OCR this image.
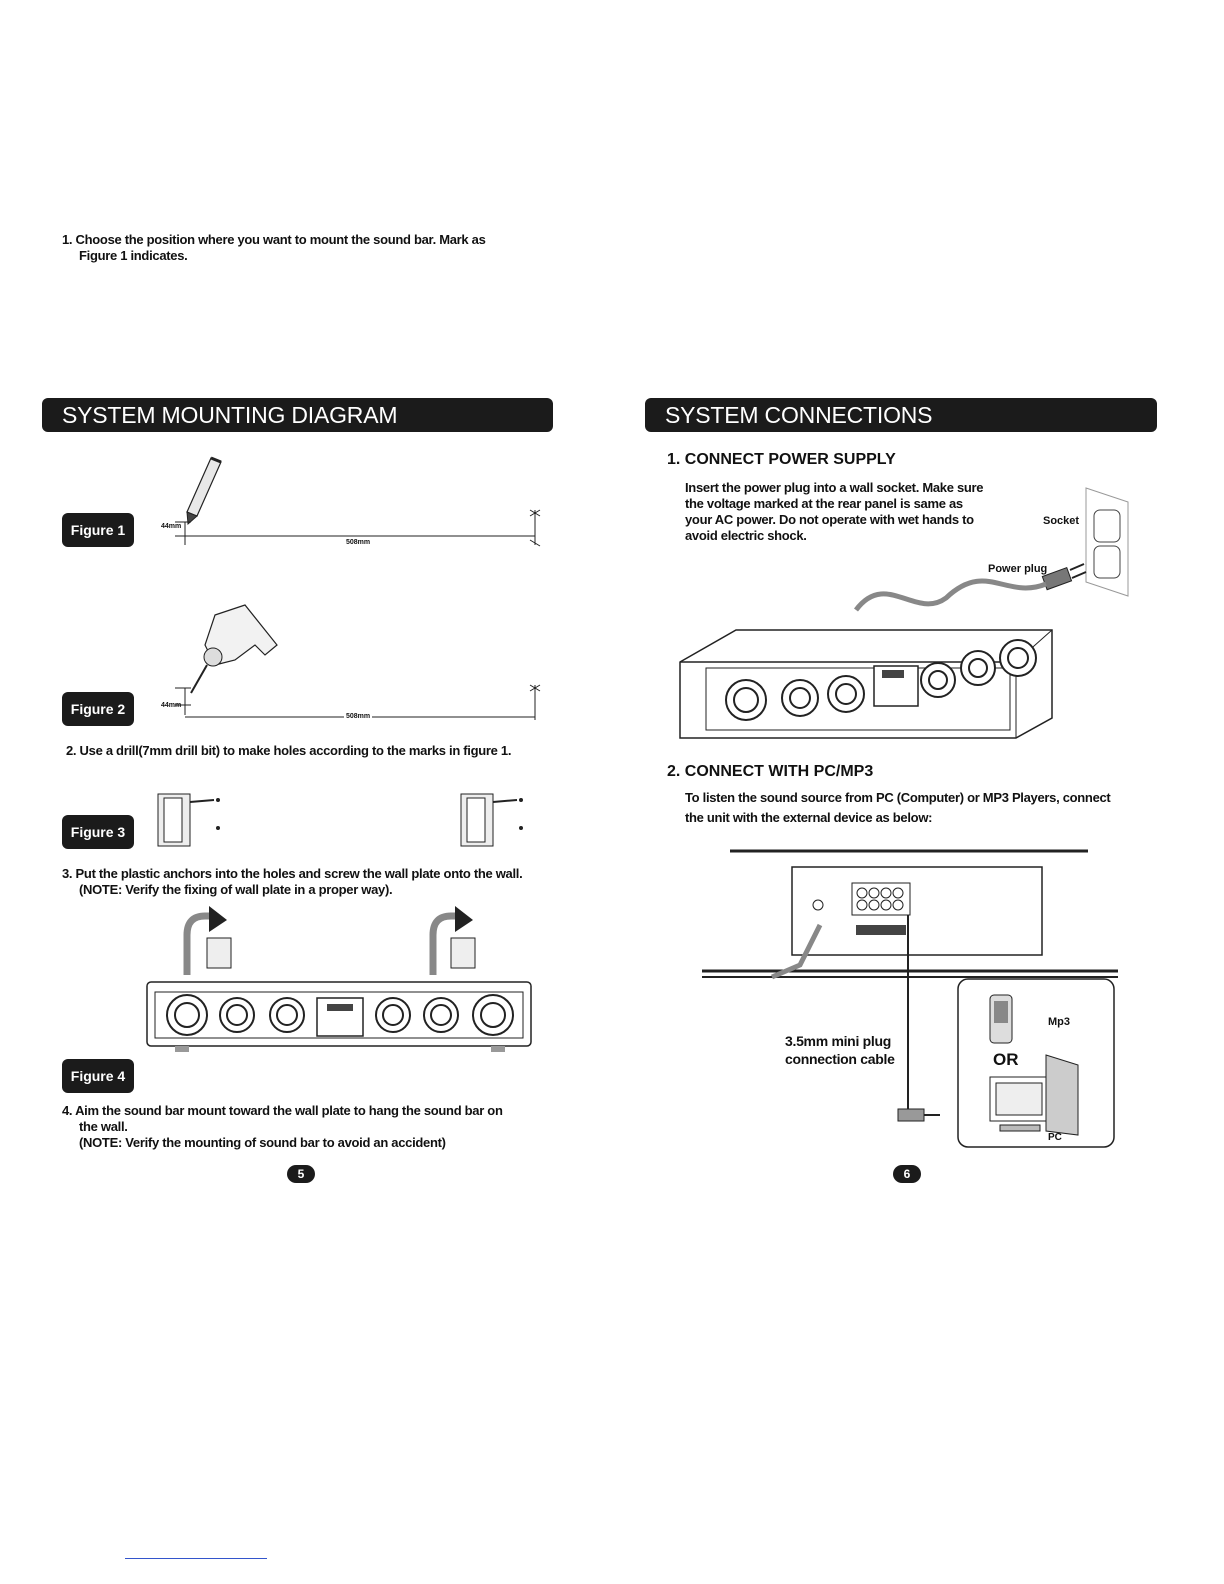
SYSTEM MOUNTING DIAGRAM
Figure 1	44mm
508mm
1. Choose the position where you want to mount the sound bar. Mark as
Figure 1 indicates.
Figure 2	44mm
508mm
2. Use a drill(7mm drill bit) to make holes according to the marks in figure 1.
Figure 3
3. Put the plastic anchors into the holes and screw the wall plate onto the wall.
(NOTE: Verify the fixing of wall plate in a proper way).
Figure 4
4. Aim the sound bar mount toward the wall plate to hang the sound bar on
the wall.
(NOTE: Verify the mounting of sound bar to avoid an accident)
5
SYSTEM CONNECTIONS
1. CONNECT POWER SUPPLY
Insert the power plug into a wall socket. Make sure
the voltage marked at the rear panel is same as
your AC power. Do not operate with wet hands to
avoid electric shock.
Socket
Power plug
2. CONNECT WITH PC/MP3
To listen the sound source from PC (Computer) or MP3 Players, connect
the unit with the external device as below:
3.5mm mini plug
connection cable
Mp3
OR
PC
6
